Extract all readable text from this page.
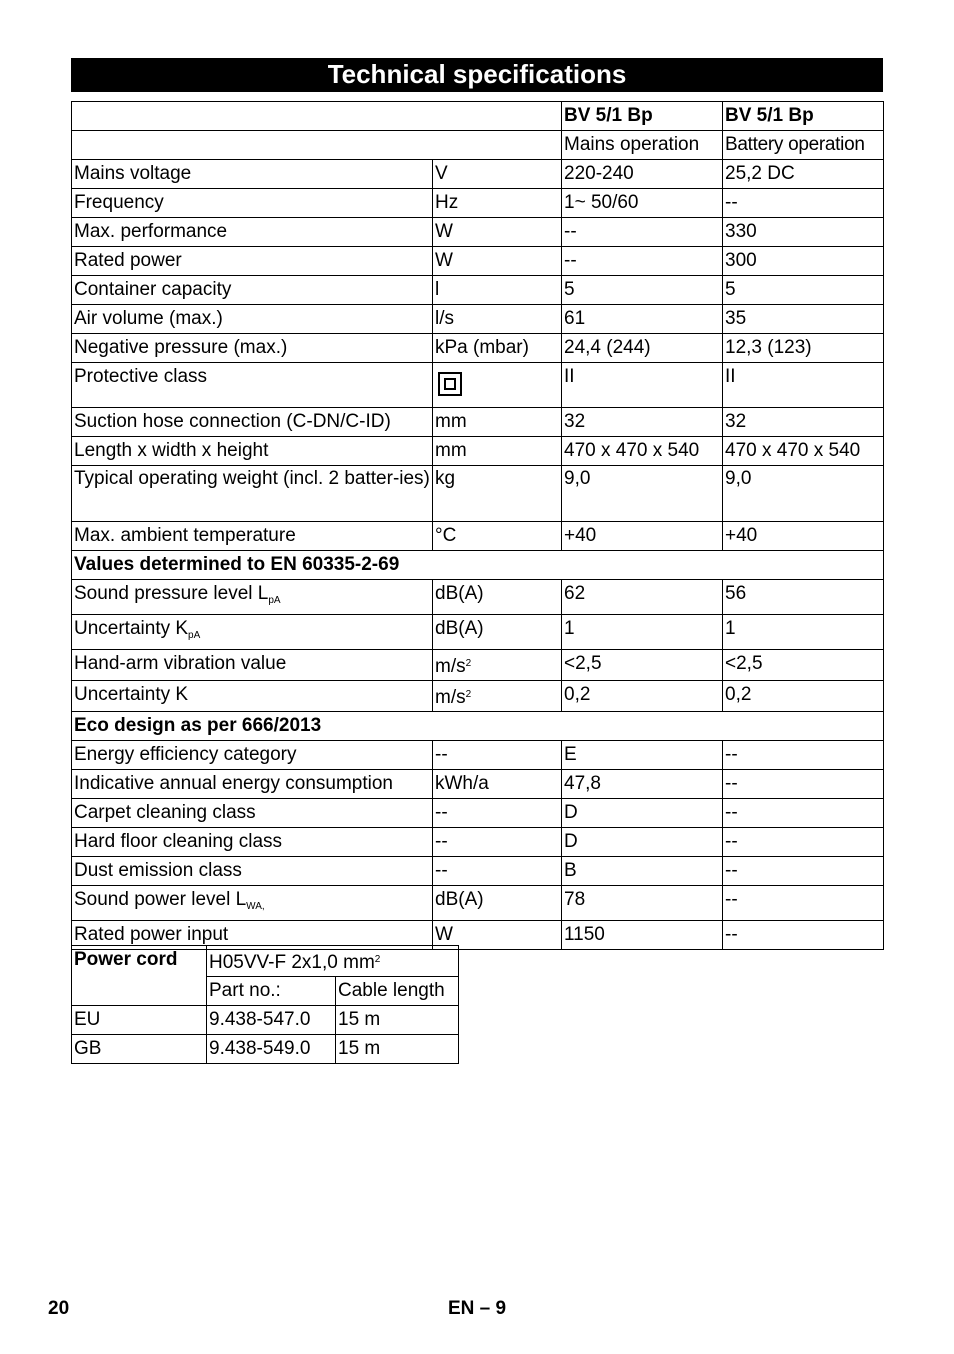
Technical specifications
		BV 5/1 Bp	BV 5/1 Bp
		Mains operation	Battery operation
Mains voltage	V	220-240	25,2 DC
Frequency	Hz	1~ 50/60	--
Max. performance	W	--	330
Rated power	W	--	300
Container capacity	l	5	5
Air volume (max.)	l/s	61	35
Negative pressure (max.)	kPa (mbar)	24,4 (244)	12,3 (123)
Protective class		II	II
Suction hose connection (C-DN/C-ID)	mm	32	32
Length x width x height	mm	470 x 470 x 540	470 x 470 x 540
Typical operating weight (incl. 2 batter-ies)	kg	9,0	9,0
Max. ambient temperature	°C	+40	+40
Values determined to EN 60335-2-69			
Sound pressure level $L_{pA}$	dB(A)	62	56
Uncertainty $K_{pA}$	dB(A)	1	1
Hand-arm vibration value	$m/s^2$	<2,5	<2,5
Uncertainty K	$m/s^2$	0,2	0,2
Eco design as per 666/2013			
Energy efficiency category	--	E	--
Indicative annual energy consumption	kWh/a	47,8	--
Carpet cleaning class	--	D	--
Hard floor cleaning class	--	D	--
Dust emission class	--	B	--
Sound power level $L_{WA,}$	dB(A)	78	--
Rated power input	W	1150	--
Power cord	H05VV-F 2x1,0 $mm^2$
	Part no.:	Cable length
EU	9.438-547.0	15 m
GB	9.438-549.0	15 m
20	EN – 9
